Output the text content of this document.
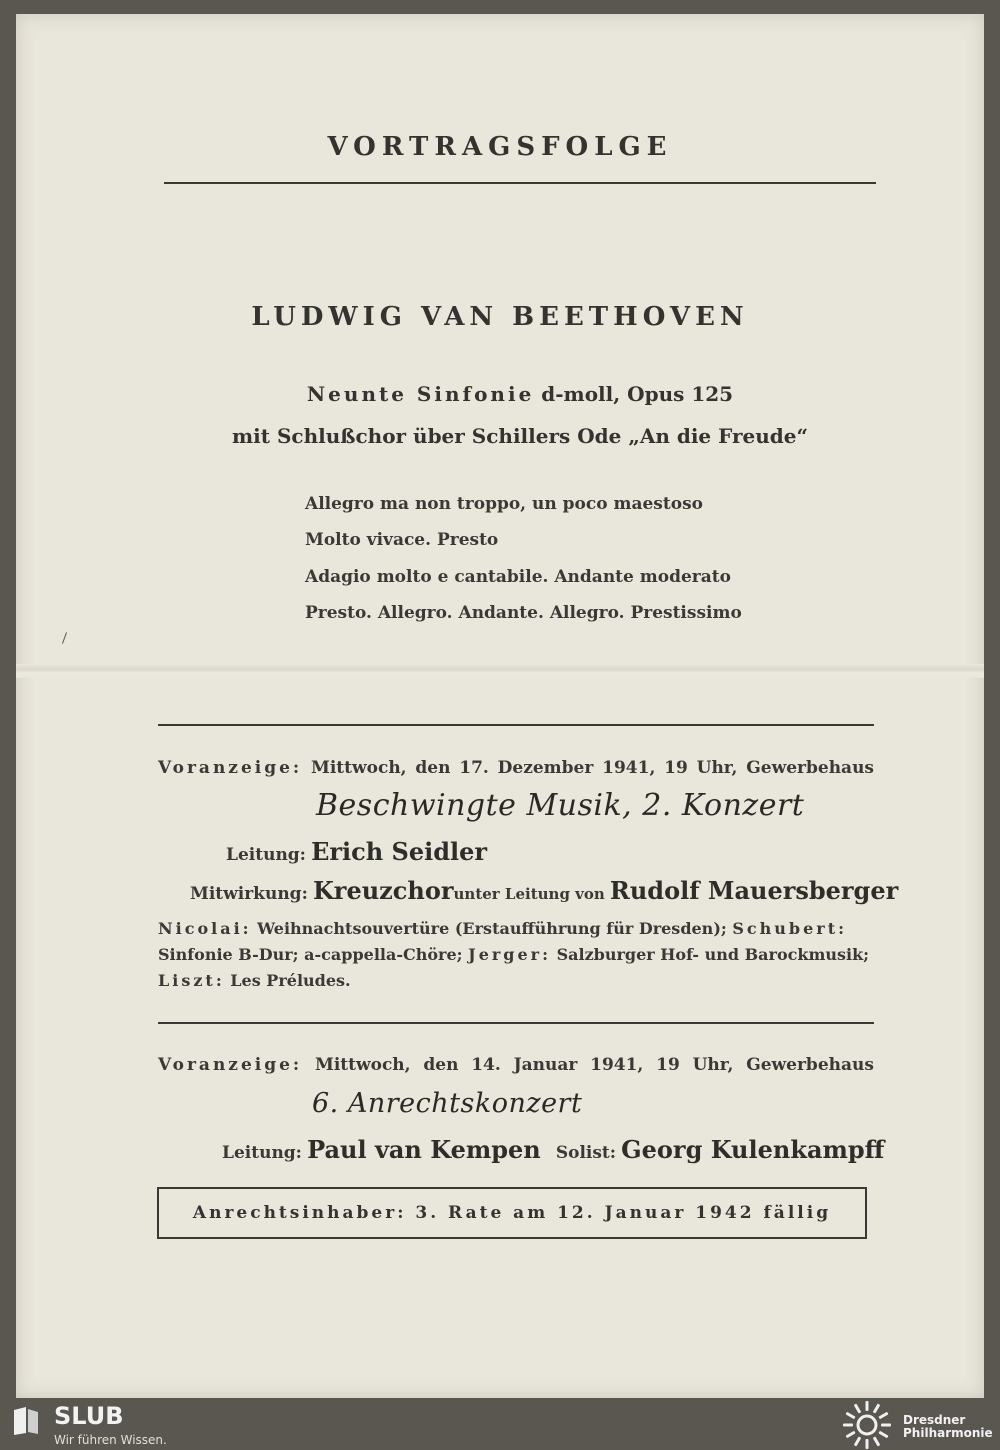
VORTRAGSFOLGE
LUDWIG VAN BEETHOVEN
Neunte Sinfonie d-moll, Opus 125
mit Schlußchor über Schillers Ode „An die Freude“
Allegro ma non troppo, un poco maestoso
Molto vivace. Presto
Adagio molto e cantabile. Andante moderato
Presto. Allegro. Andante. Allegro. Prestissimo
Voranzeige: Mittwoch, den 17. Dezember 1941, 19 Uhr, Gewerbehaus
Beschwingte Musik, 2. Konzert
Leitung: Erich Seidler
Mitwirkung: Kreuzchorunter Leitung von Rudolf Mauersberger
Nicolai: Weihnachtsouvertüre (Erstaufführung für Dresden); Schubert:
Sinfonie B-Dur; a-cappella-Chöre; Jerger: Salzburger Hof- und Barockmusik;
Liszt: Les Préludes.
Voranzeige: Mittwoch, den 14. Januar 1941, 19 Uhr, Gewerbehaus
6. Anrechtskonzert
Leitung: Paul van Kempen Solist: Georg Kulenkampff
Anrechtsinhaber: 3. Rate am 12. Januar 1942 fällig
SLUB
Wir führen Wissen.
Dresdner
Philharmonie
